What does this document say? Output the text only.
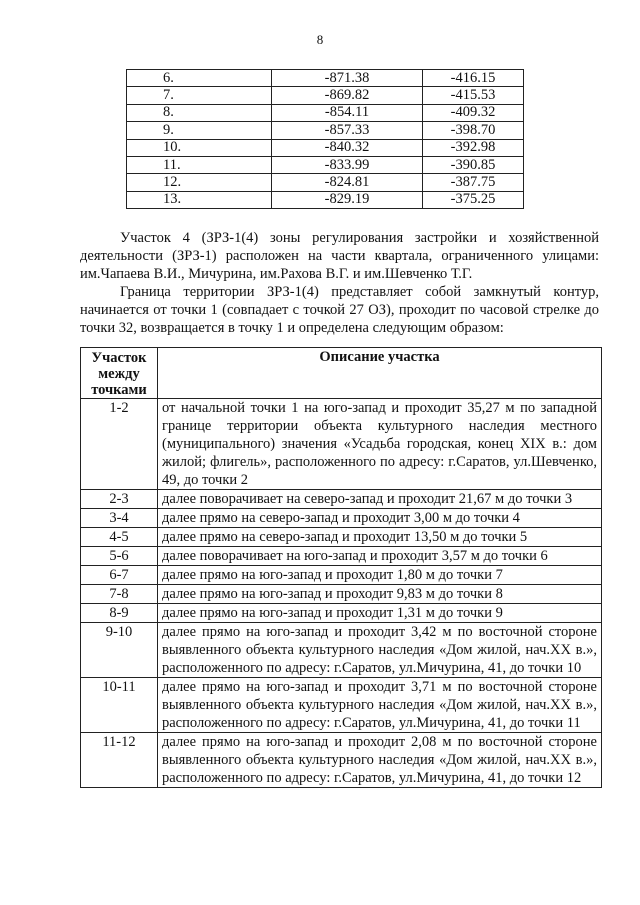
8
6.	-871.38	-416.15
7.	-869.82	-415.53
8.	-854.11	-409.32
9.	-857.33	-398.70
10.	-840.32	-392.98
11.	-833.99	-390.85
12.	-824.81	-387.75
13.	-829.19	-375.25

Участок 4 (ЗРЗ-1(4) зоны регулирования застройки и хозяйственной деятельности (ЗРЗ-1) расположен на части квартала, ограниченного улицами: им.Чапаева В.И., Мичурина, им.Рахова В.Г. и им.Шевченко Т.Г.

Граница территории ЗРЗ-1(4) представляет собой замкнутый контур, начинается от точки 1 (совпадает с точкой 27 ОЗ), проходит по часовой стрелке до точки 32, возвращается в точку 1 и определена следующим образом:

Участок между точками	Описание участка
1-2	от начальной точки 1 на юго-запад и проходит 35,27 м по западной границе территории объекта культурного наследия местного (муниципального) значения «Усадьба городская, конец XIX в.: дом жилой; флигель», расположенного по адресу: г.Саратов, ул.Шевченко, 49, до точки 2
2-3	далее поворачивает на северо-запад и проходит 21,67 м до точки 3
3-4	далее прямо на северо-запад и проходит 3,00 м до точки 4
4-5	далее прямо на северо-запад и проходит 13,50 м до точки 5
5-6	далее поворачивает на юго-запад и проходит 3,57 м до точки 6
6-7	далее прямо на юго-запад и проходит 1,80 м до точки 7
7-8	далее прямо на юго-запад и проходит 9,83 м до точки 8
8-9	далее прямо на юго-запад и проходит 1,31 м до точки 9
9-10	далее прямо на юго-запад и проходит 3,42 м по восточной стороне выявленного объекта культурного наследия «Дом жилой, нач.XX в.», расположенного по адресу: г.Саратов, ул.Мичурина, 41, до точки 10
10-11	далее прямо на юго-запад и проходит 3,71 м по восточной стороне выявленного объекта культурного наследия «Дом жилой, нач.XX в.», расположенного по адресу: г.Саратов, ул.Мичурина, 41, до точки 11
11-12	далее прямо на юго-запад и проходит 2,08 м по восточной стороне выявленного объекта культурного наследия «Дом жилой, нач.XX в.», расположенного по адресу: г.Саратов, ул.Мичурина, 41, до точки 12
